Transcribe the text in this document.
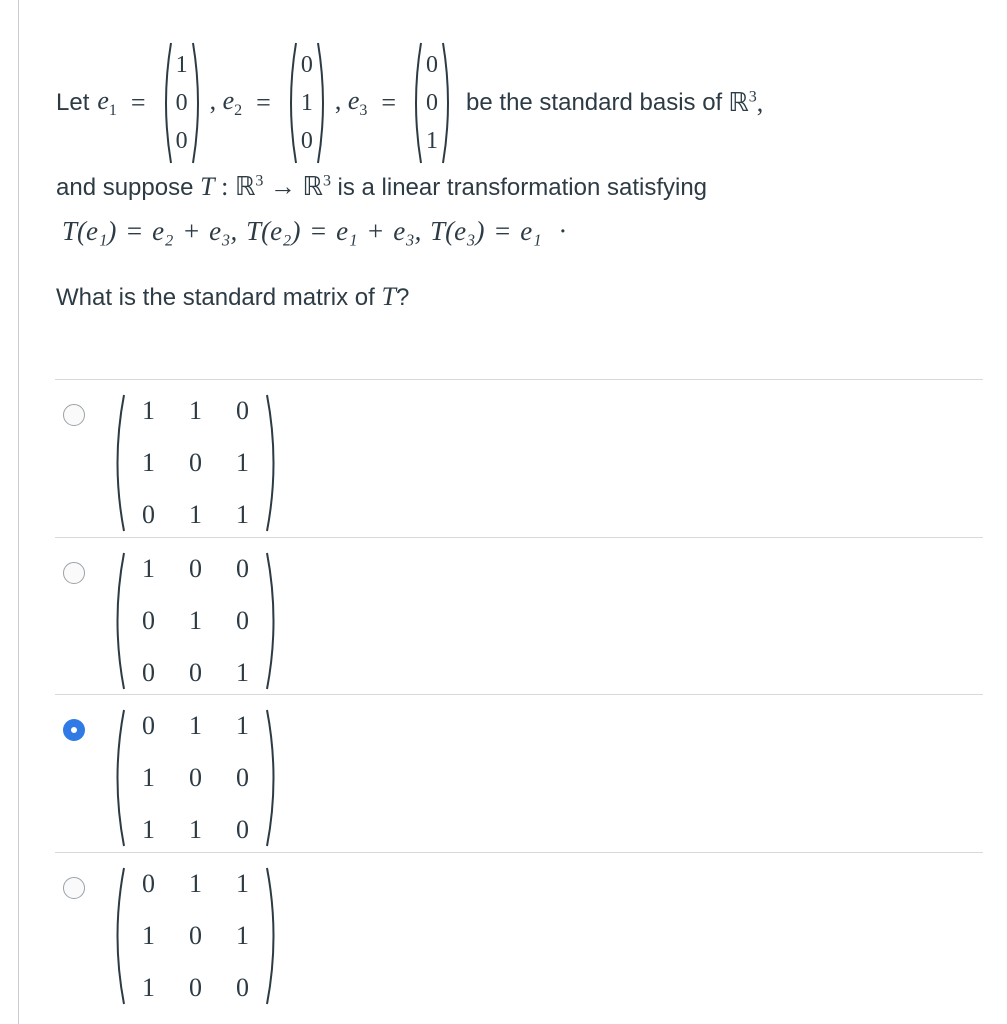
Let $e_1$ =
1
0
0
, $e_2$ =
0
1
0
, $e_3$ =
0
0
1
be the standard basis of ℝ$^3$,
and suppose T : ℝ$^3$ → ℝ$^3$ is a linear transformation satisfying
T(e₁) = e₂ + e₃, T(e₂) = e₁ + e₃, T(e₃) = e₁ ·
What is the standard matrix of T?
1	1	0
1	0	1
0	1	1
1	0	0
0	1	0
0	0	1
0	1	1
1	0	0
1	1	0
0	1	1
1	0	1
1	0	0
